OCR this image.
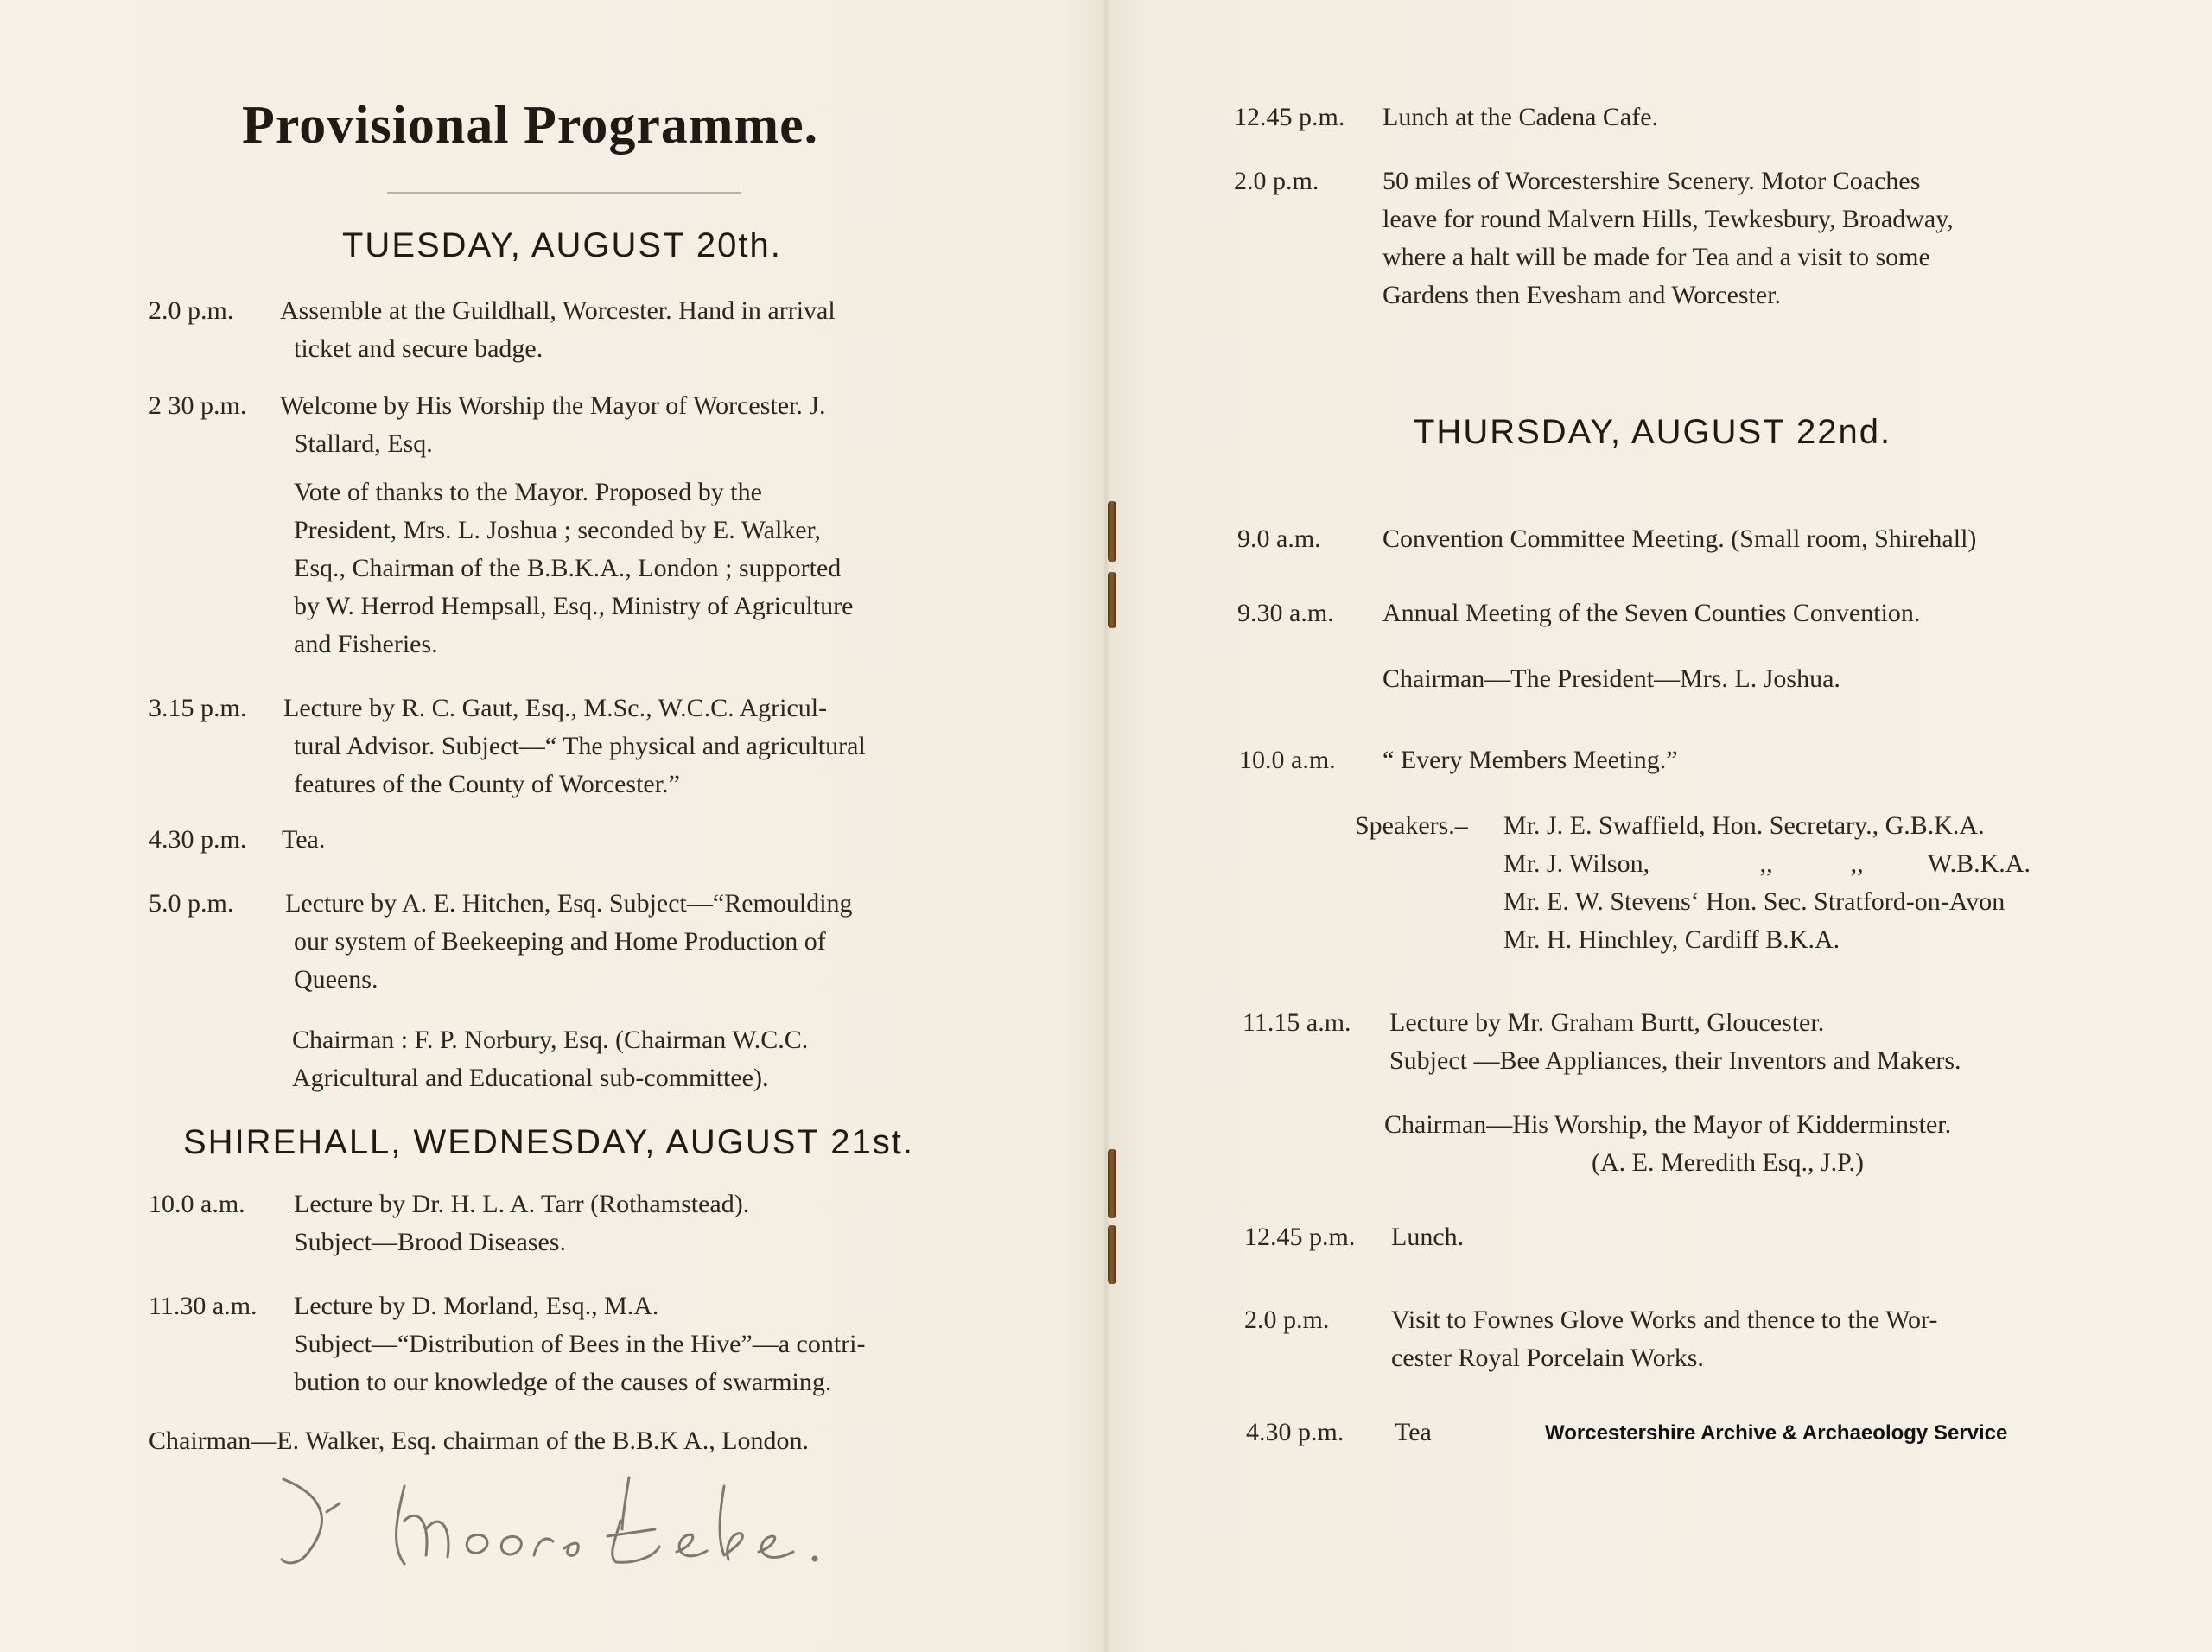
Provisional Programme.
TUESDAY, AUGUST 20th.
2.0 p.m. Assemble at the Guildhall, Worcester. Hand in arrival
ticket and secure badge.
2 30 p.m. Welcome by His Worship the Mayor of Worcester. J.
Stallard, Esq.
Vote of thanks to the Mayor. Proposed by the
President, Mrs. L. Joshua ; seconded by E. Walker,
Esq., Chairman of the B.B.K.A., London ; supported
by W. Herrod Hempsall, Esq., Ministry of Agriculture
and Fisheries.
3.15 p.m. Lecture by R. C. Gaut, Esq., M.Sc., W.C.C. Agricul-
tural Advisor. Subject—“ The physical and agricultural
features of the County of Worcester.”
4.30 p.m. Tea.
5.0 p.m. Lecture by A. E. Hitchen, Esq. Subject—“Remoulding
our system of Beekeeping and Home Production of
Queens.
Chairman : F. P. Norbury, Esq. (Chairman W.C.C.
Agricultural and Educational sub-committee).
SHIREHALL, WEDNESDAY, AUGUST 21st.
10.0 a.m. Lecture by Dr. H. L. A. Tarr (Rothamstead).
Subject—Brood Diseases.
11.30 a.m. Lecture by D. Morland, Esq., M.A.
Subject—“Distribution of Bees in the Hive”—a contri-
bution to our knowledge of the causes of swarming.
Chairman—E. Walker, Esq. chairman of the B.B.K A., London.
12.45 p.m. Lunch at the Cadena Cafe.
2.0 p.m. 50 miles of Worcestershire Scenery. Motor Coaches
leave for round Malvern Hills, Tewkesbury, Broadway,
where a halt will be made for Tea and a visit to some
Gardens then Evesham and Worcester.
THURSDAY, AUGUST 22nd.
9.0 a.m. Convention Committee Meeting. (Small room, Shirehall)
9.30 a.m. Annual Meeting of the Seven Counties Convention.
Chairman—The President—Mrs. L. Joshua.
10.0 a.m. “ Every Members Meeting.”
Speakers.– Mr. J. E. Swaffield, Hon. Secretary., G.B.K.A.
Mr. J. Wilson,                 ,,            ,,          W.B.K.A.
Mr. E. W. Stevens‘ Hon. Sec. Stratford-on-Avon
Mr. H. Hinchley, Cardiff B.K.A.
11.15 a.m. Lecture by Mr. Graham Burtt, Gloucester.
Subject —Bee Appliances, their Inventors and Makers.
Chairman—His Worship, the Mayor of Kidderminster.
(A. E. Meredith Esq., J.P.)
12.45 p.m. Lunch.
2.0 p.m. Visit to Fownes Glove Works and thence to the Wor-
cester Royal Porcelain Works.
4.30 p.m. Tea	Worcestershire Archive & Archaeology Service
